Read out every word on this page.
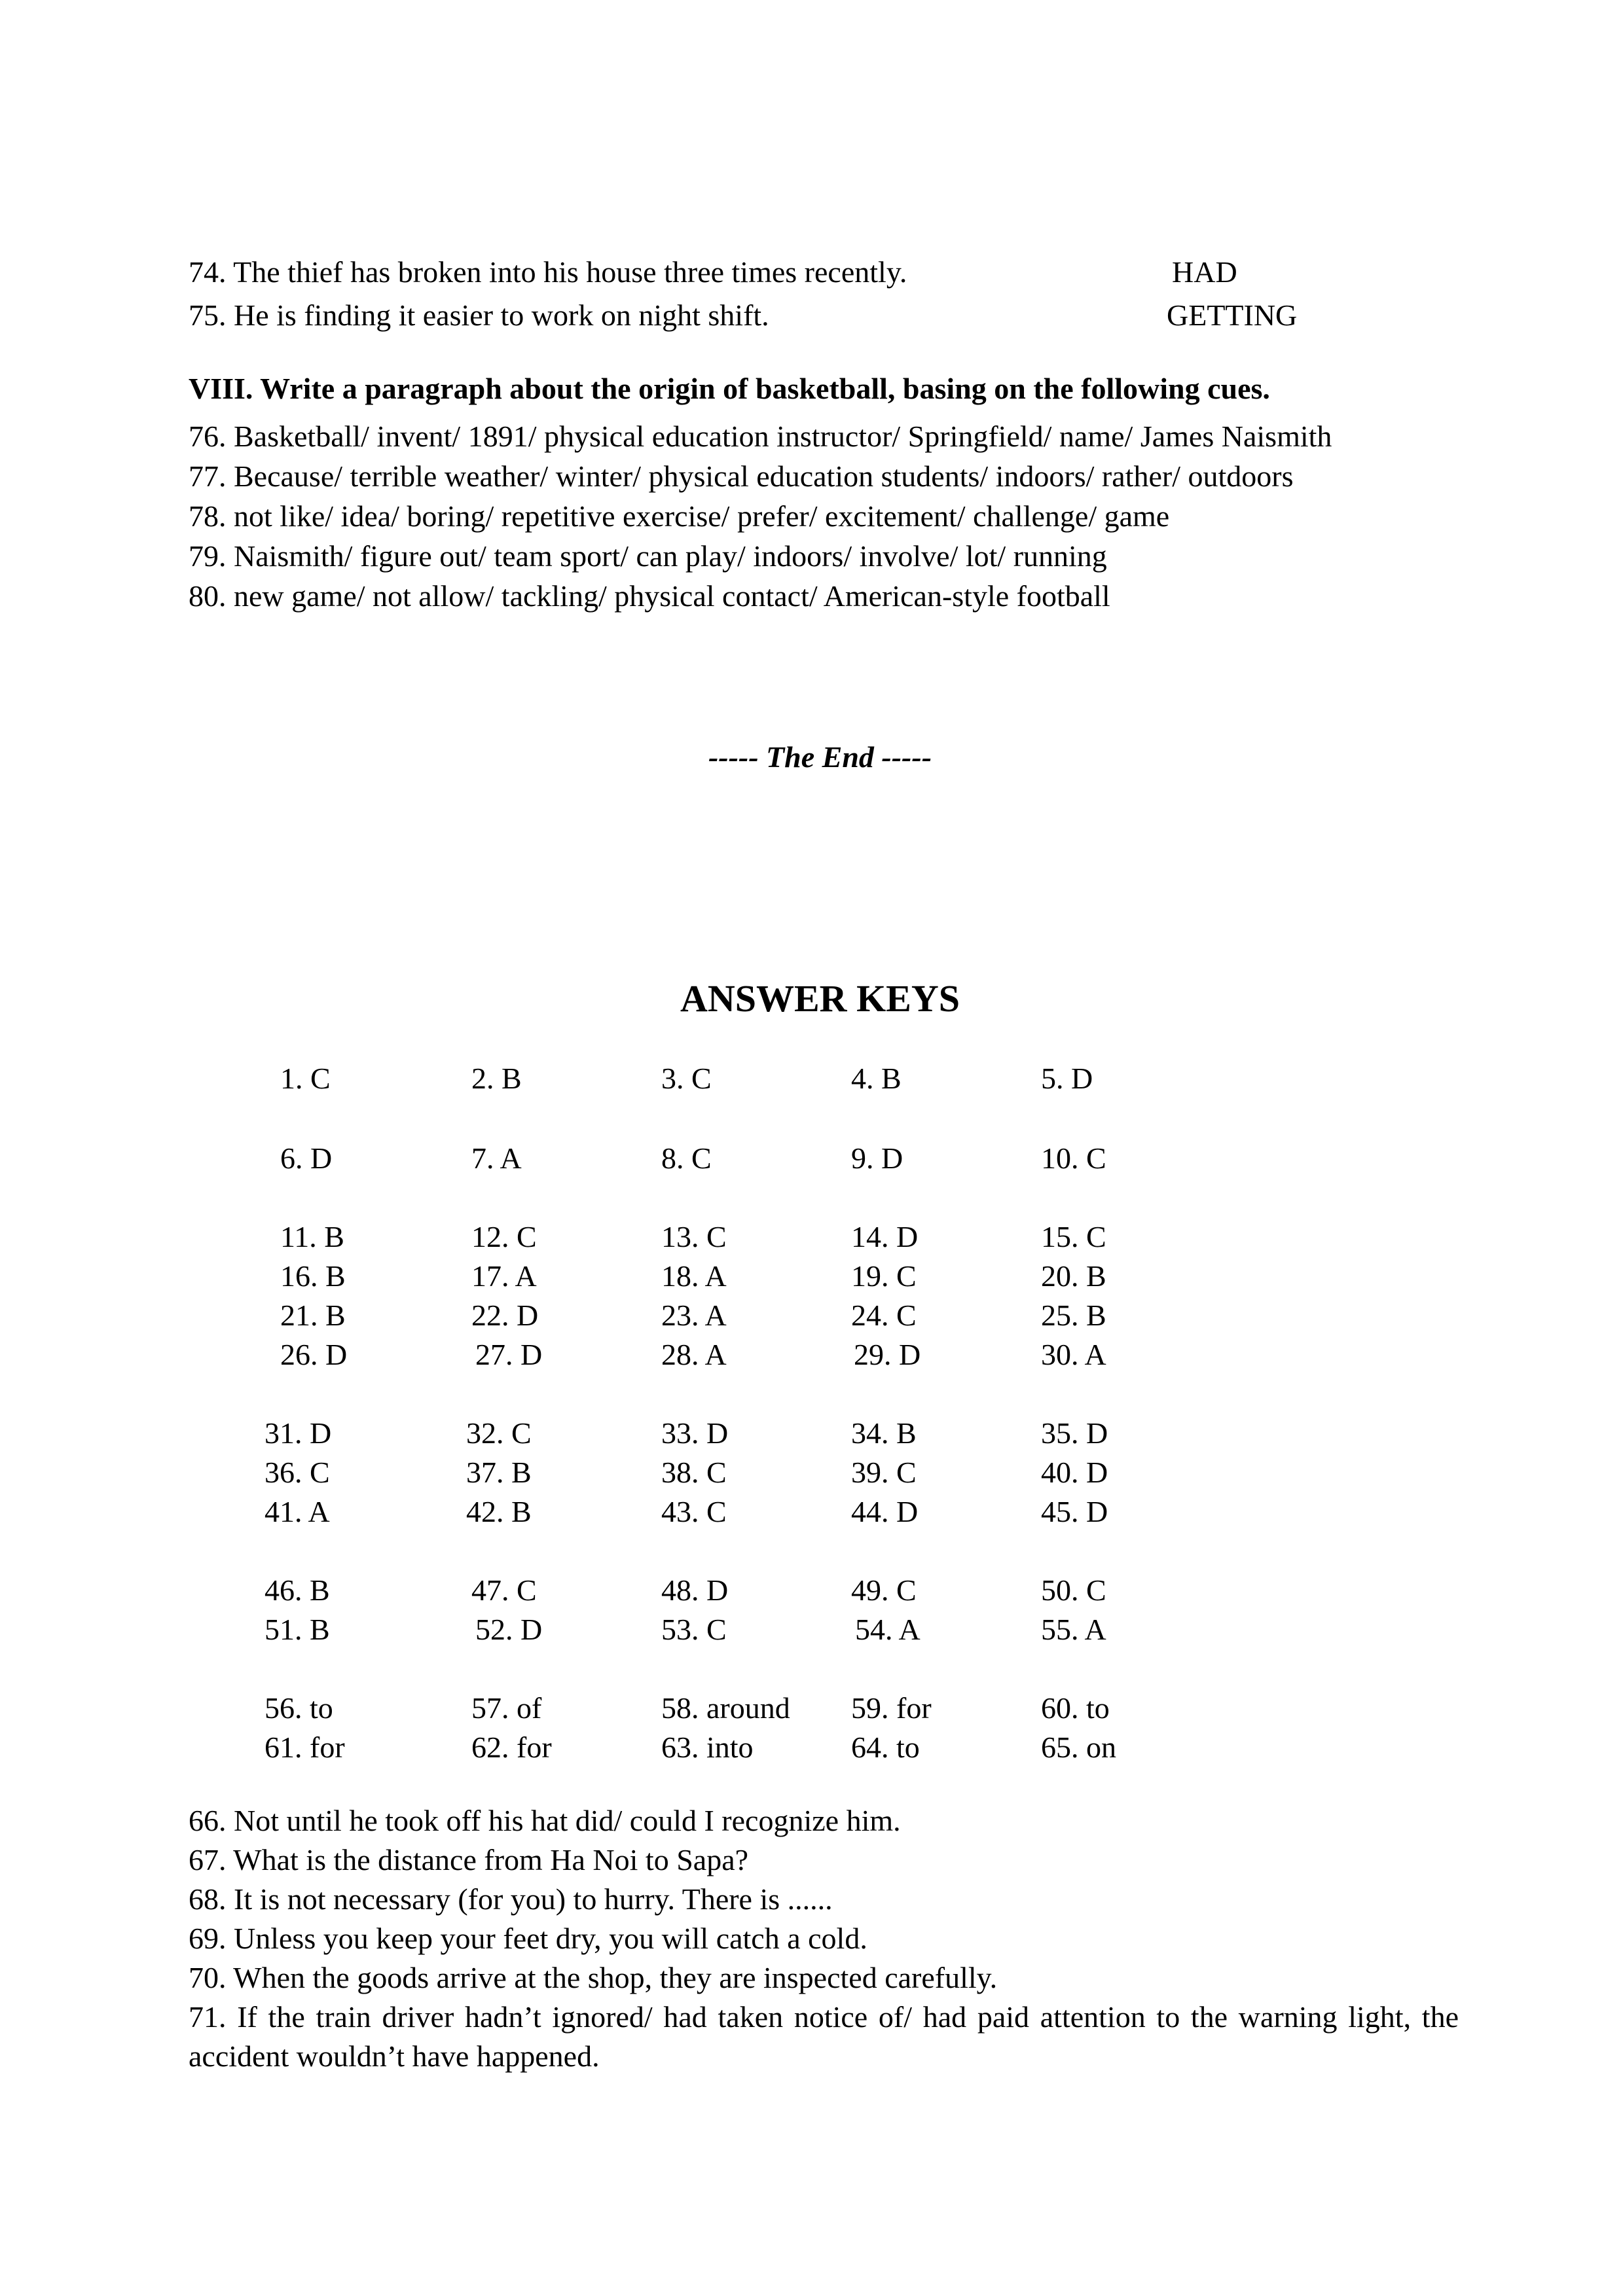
74. The thief has broken into his house three times recently.	HAD
75. He is finding it easier to work on night shift.	GETTING
VIII. Write a paragraph about the origin of basketball, basing on the following cues.
76. Basketball/ invent/ 1891/ physical education instructor/ Springfield/ name/ James Naismith
77. Because/ terrible weather/ winter/ physical education students/ indoors/ rather/ outdoors
78. not like/ idea/ boring/ repetitive exercise/ prefer/ excitement/ challenge/ game
79. Naismith/ figure out/ team sport/ can play/ indoors/ involve/ lot/ running
80. new game/ not allow/ tackling/ physical contact/ American-style football
----- The End -----
ANSWER KEYS
1. C	2. B	3. C	4. B	5. D
6. D	7. A	8. C	9. D	10. C
11. B	12. C	13. C	14. D	15. C
16. B	17. A	18. A	19. C	20. B
21. B	22. D	23. A	24. C	25. B
26. D	27. D	28. A	29. D	30. A
31. D	32. C	33. D	34. B	35. D
36. C	37. B	38. C	39. C	40. D
41. A	42. B	43. C	44. D	45. D
46. B	47. C	48. D	49. C	50. C
51. B	52. D	53. C	54. A	55. A
56. to	57. of	58. around 59. for	60. to
61. for	62. for	63. into	64. to	65. on
66. Not until he took off his hat did/ could I recognize him.
67. What is the distance from Ha Noi to Sapa?
68. It is not necessary (for you) to hurry. There is ......
69. Unless you keep your feet dry, you will catch a cold.
70. When the goods arrive at the shop, they are inspected carefully.
71. If the train driver hadn’t ignored/ had taken notice of/ had paid attention to the warning light, the accident wouldn’t have happened.
